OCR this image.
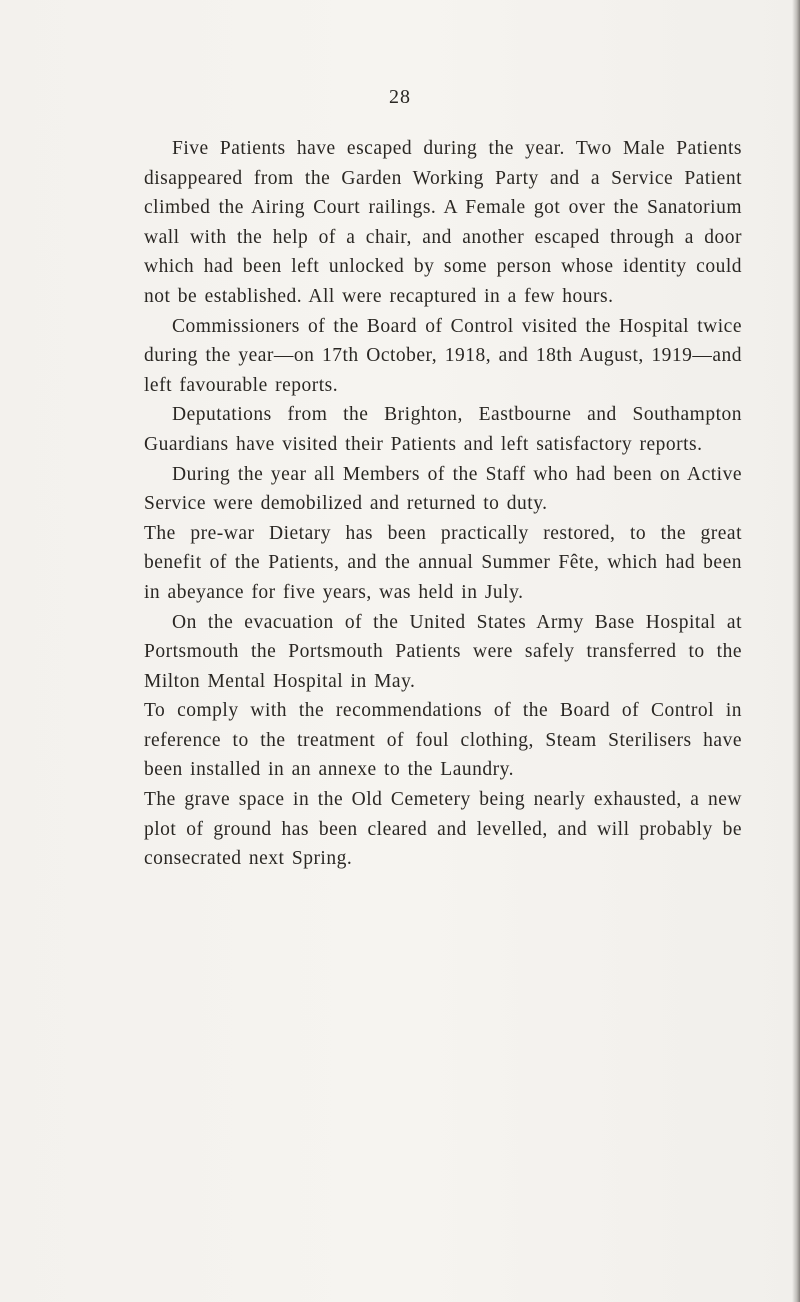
28

Five Patients have escaped during the year. Two Male Patients disappeared from the Garden Working Party and a Service Patient climbed the Airing Court railings. A Female got over the Sanatorium wall with the help of a chair, and another escaped through a door which had been left unlocked by some person whose identity could not be established. All were recaptured in a few hours.

Commissioners of the Board of Control visited the Hospital twice during the year—on 17th October, 1918, and 18th August, 1919—and left favourable reports.

Deputations from the Brighton, Eastbourne and Southampton Guardians have visited their Patients and left satisfactory reports.

During the year all Members of the Staff who had been on Active Service were demobilized and returned to duty.

The pre-war Dietary has been practically restored, to the great benefit of the Patients, and the annual Summer Fête, which had been in abeyance for five years, was held in July.

On the evacuation of the United States Army Base Hospital at Portsmouth the Portsmouth Patients were safely transferred to the Milton Mental Hospital in May.

To comply with the recommendations of the Board of Control in reference to the treatment of foul clothing, Steam Sterilisers have been installed in an annexe to the Laundry.

The grave space in the Old Cemetery being nearly exhausted, a new plot of ground has been cleared and levelled, and will probably be consecrated next Spring.
